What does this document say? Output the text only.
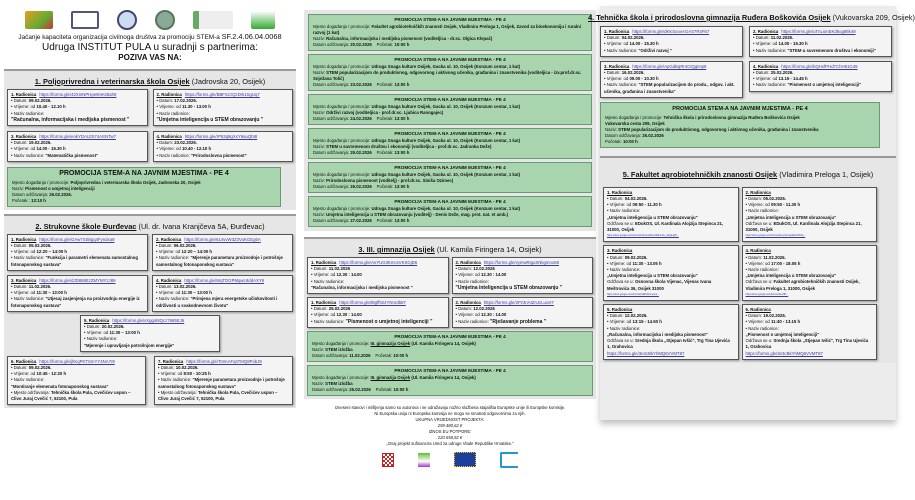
Jačanje kapaciteta organizacija civilnoga društva za promociju STEM-a SF.2.4.06.04.0068
Udruga INSTITUT PULA u suradnji s partnerima:
POZIVA VAS NA:
1. Poljoprivredna i veterinarska škola Osijek (Jadrovska 20, Osijek)
1. Radionica https://forms.gle/42XmNPHpe9mKrBah9
• Datum: 09.02.2026.
• Vrijeme: od 10.40 - 12.10 h
• Naziv radionice:
"Računalna, informacijska i medijska pismenost "
2. Radionica https://forms.gle/BBFSzzQzDrk1SgUq7
• Datum: 17.02.2026.
• Vrijeme: od 11.30 - 13.00 h
• Naziv radionice:
"Umjetna inteligencija u STEM obrazovanju "
3. Radionica https://forms.gle/eokYDAUz574ASNTw7
• Datum: 19.02.2026.
• Vrijeme: od 14.00 - 15.30 h
• Naziv radionice: "Matematička pismenost"
4. Radionica https://forms.gle/rP53q9gXxY9auQbt8
• Datum: 23.02.2026.
• Vrijeme: od 10.40 - 12.10 h
• Naziv radionice: "Prirodoslovna pismenost"
PROMOCIJA STEM-A NA JAVNIM MJESTIMA - PE 4
Mjesto događanja / promocije: Poljoprivredna i veterinarska škola Osijek, Jadrovska 20, Osijek
Naziv: Pismenost o umjetnoj inteligenciji
Datum održavanja: 26.02.2026.
Početak : 13:10 h
2. Strukovne škole Đurđevac (Ul. dr. Ivana Kranjčeva 5A, Đurđevac)
1. Radionica https://forms.gle/GAw7SS8gq4Fyndxa9
• Datum: 05.02.2026.
• Vrijeme: od 12:20 – 14:00 h
• Naziv radionice: "Funkcija i parametri elemenata samostalnog fotonaponskog sustava"
2. Radionica https://forms.gle/614vvW3Z3VoKGEg6A
• Datum: 06.02.2026.
• Vrijeme: od 12:20 – 14:00 h
• Naziv radionice: "Mjerenje parametara proizvodnje i potrošnje samostalnog fotonaponskog sustava"
3. Radionica https://forms.gle/dJD868EzZMYMYzJ89
• Datum: 11.02.2026.
• Vrijeme: od 11:30 – 13:00 h
• Naziv radionice: "Utjecaj zasjenjenja na proizvodnju energije iz fotonaponskog sustava"
4. Radionica https://forms.gle/WqTDGPMqwL9ddAXY9
• Datum: 13.02.2026.
• Vrijeme: od 11:30 – 13:00 h
• Naziv radionice: "Primjena mjera energetske učinkovitosti i održivosti u svakodnevnom životu"
5. Radionica https://forms.gle/xXgg4i8Qcz7665EJ6
• Datum: 20.02.2026.
• Vrijeme: od 11:30 – 13:00 h
• Naziv radionice:
"Mjerenje i upravljanje potrošnjom energije"
6. Radionica https://forms.gle/jhKqPKTSmYY4NA7r8
• Datum: 09.02.2026.
• Vrijeme: od 10:45 - 12:20 h
• Naziv radionice:
"Montiranje elemenata fotonaponskog sustava"
• Mjesto održavanja: Tehnička škola Pula, Cvečićev uspon – Clivo Juraj Cvečić 7, 52100, Pula
7. Radionica https://forms.gle/Tc8AAFqsTMQ8PobJ9
• Datum: 10.02.2026.
• Vrijeme: od 8:50 - 10:25 h
• Naziv radionice: "Mjerenje parametara proizvodnje i potrošnje samostalnog fotonaponskog sustava"
• Mjesto održavanja: Tehnička škola Pula, Cvečićev uspon – Clivo Juraj Cvečić 7, 52100, Pula
PROMOCIJA STEM-A NA JAVNIM MJESTIMA - PE 4
Mjesto događanja / promocije: Fakultet agrobiotehničkih znanosti Osijek, Vladimira Preloga 1, Osijek, Zavod za bioekonomiju i ruralni razvoj (1 kat)
Naziv: Računalna, informacijska i medijska pismenost (voditeljica - dr.sc. Olgica Klepač)
Datum održavanja: 20.02.2026 Početak: 10:00 h
PROMOCIJA STEM-A NA JAVNIM MJESTIMA - PE 4
Mjesto događanja / promocije: Udruga Snaga kulture Osijek, Gacka ul. 10, Osijek (Konzum centar, 1 kat)
Naziv: STEM popularizacijom do produktivnog, odgovornog i aktivnog učenika, građanina i znanstvenika (voditeljica - izv.prof.dr.sc. Snježana Tolić)
Datum održavanja: 23.02.2026 Početak: 13:00 h
PROMOCIJA STEM-A NA JAVNIM MJESTIMA - PE 4
Mjesto događanja / promocije: Udruga Snaga kulture Osijek, Gacka ul. 10, Osijek (Konzum centar, 1 kat)
Naziv: Održivi razvoj (voditeljica - prof.dr.sc. Ljubica Ranogajec)
Datum održavanja: 24.02.2026 Početak: 13:00 h
PROMOCIJA STEM-A NA JAVNIM MJESTIMA - PE 4
Mjesto događanja / promocije: Udruga Snaga kulture Osijek, Gacka ul. 10, Osijek (Konzum centar, 1 kat)
Naziv: STEM u suvremenom društvu i ekonomiji (voditeljica - prof.dr.sc. Jadranka Deže)
Datum održavanja: 25.02.2026 Početak: 13:00 h
PROMOCIJA STEM-A NA JAVNIM MJESTIMA - PE 4
Mjesto događanja / promocije: Udruga Snaga kulture Osijek, Gacka ul. 10, Osijek (Konzum centar, 1 kat)
Naziv: Prirodoslovna pismenost (voditelj) - prof.dr.sc. Siniša Ozimec)
Datum održavanja: 26.02.2026 Početak: 13:00 h
PROMOCIJA STEM-A NA JAVNIM MJESTIMA - PE 4
Mjesto događanja / promocije: Udruga Snaga kulture Osijek, Gacka ul. 10, Osijek (Konzum centar, 1 kat)
Naziv: Umjetna inteligencija u STEM obrazovanju (voditelj) - Denis Deže, mag. prot. nat. et amb.)
Datum održavanja: 27.02.2026 Početak: 13:00 h
3. III. gimnazija Osijek (Ul. Kamila Firingera 14, Osijek)
1. Radionica https://forms.gle/AeYUG3KmcsVKSGjD6
• Datum: 11.02.2026
• Vrijeme: od 12.30 : 14.00
• Naziv radionice:
"Računalna, informacijska i medijska pismenost "
2. Radionica https://forms.gle/xymwRiguSNkgmno59
• Datum: 12.02.2026
• Vrijeme: od 12.30 : 14.00
• Naziv radionice:
"Umjetna inteligencija u STEM obrazovanju "
1. Radionica https://forms.gle/t8gff924YNnrd587
• Datum: 25.02.2026
• Vrijeme: od 12.30 : 14.00
• Naziv radionice: "Pismenost o umjetnoj inteligenciji "
2. Radionica https://forms.gle/2Pz3nAtZnJcLuxvt7
• Datum: 12.02.2026
• Vrijeme: od 12.30 : 14.00
• Naziv radionice: "Rješavanje problema "
PROMOCIJA STEM-A NA JAVNIM MJESTIMA - PE 4
Mjesto događanja / promocije: III. gimnazija Osijek (Ul. Kamila Firingera 14, Osijek)
Naziv: STEM izložba
Datum održavanja: 11.02.2026 Početak: 10:00 h
PROMOCIJA STEM-A NA JAVNIM MJESTIMA - PE 4
Mjesto događanja / promocije: III. gimnazija Osijek (Ul. Kamila Firingera 14, Osijek)
Naziv: STEM izložba
Datum održavanja: 25.02.2026 Početak: 10:00 h
Izneseni stavovi i mišljenja samo su autorova i ne odražavaju nužno službena stajališta Europske unije ili Europske komisije.
Ni Europska unija ni Europska komisija ne mogu se smatrati odgovornima za njih.
UKUPNA VRIJEDNOST PROJEKTA:
259.480,62 €
IZNOS EU POTPORE:
220.558,52 €
„Ovaj projekt sufinancira Ured za udruge Vlade Republike Hrvatske."
4. Tehnička škola i prirodoslovna gimnazija Ruđera Boškovića Osijek (Vukovarska 209, Osijek)
1. Radionica https://forms.gle/dKKSoovAGAS7R4F67
• Datum: 04.02.2026.
• Vrijeme: od 14.00 - 15.30 h
• Naziv radionice: "Održivi razvoj "
3. Radionica https://forms.gle/ApGdBqRr4CtQgtHp8
• Datum: 16.02.2026.
• Vrijeme: od 09.00 - 10.30 h
• Naziv radionice: "STEM popularizacijom do produ., odgov. i akt. učenika, građanina i znanstvenika"
2. Radionica https://forms.gle/uTnLsmEKd5og85k49
• Datum: 11.02.2026.
• Vrijeme: od 14.00 - 15.30 h
• Naziv radionice: "STEM u suvremenom društvu i ekonomiji"
4. Radionica https://forms.gle/bQHvfPHd7ChH81G49
• Datum: 25.02.2026.
• Vrijeme: od 13.15 - 14.45 h
• Naziv radionice: "Pismenost o umjetnoj inteligenciji"
PROMOCIJA STEM-A NA JAVNIM MJESTIMA - PE 4
Mjesto događanja / promocije: Tehnička škola i prirodoslovna gimnazija Ruđera Boškovića Osijek
Vukovarska cesta 209, Osijek
Naziv: STEM popularizacijom do produktivnog, odgovornog i aktivnog učenika, građanina i znanstvenika
Datum održavanja: 26.02.2026
Početak: 10:00 h
5. Fakultet agrobiotehničkih znanosti Osijek (Vladimira Preloga 1, Osijek)
1. Radionica
• Datum: 04.02.2026.
• Vrijeme: od 09:50 - 11.30 h
• Naziv radionice:
„Umjetna inteligencija u STEM obrazovanju"
Održava se u: EDukOS, Ul. Kardinala Alojzija Stepinca 21, 31000, Osijek
https://docs.google.com/forms/d/1AmtuwRmLbMbmSn_wkQaJgKl...
2. Radionica
• Datum: 05.02.2026.
• Vrijeme: od 09:50 - 11.30 h
• Naziv radionice:
„Umjetna inteligencija u STEM obrazovanju"
Održava se u: EDukOS, Ul. Kardinala Alojzija Stepinca 21, 31000, Osijek
https://docs.google.com/forms/d/1oeLtKxwj4baUtr5GQ...
3. Radionica
• Datum: 09.02.2026.
• Vrijeme: od 11:30 - 13.05 h
• Naziv radionice:
„Umjetna inteligencija u STEM obrazovanju"
Održava se u: Osnovna škola Vijenac, Vijenac Ivana Meštrovića 36, Osijek 31000
https://docs.google.com/forms/d/1EHeNcneami...
4. Radionica
• Datum: 11.02.2026.
• Vrijeme: od 17:00 - 18.05 h
• Naziv radionice:
„Umjetna inteligencija u STEM obrazovanju"
Održava se u: Fakultet agrobiotehničkih znanosti Osijek, Vladimira Preloga 1, 31000, Osijek
https://docs.google.com/forms/d/1aHH...
5. Radionica
• Datum: 12.02.2026.
• Vrijeme: od 13:15 - 14.50 h
• Naziv radionice:
„Računalna, informacijska i medijska pismenost"
Održava se u: Srednja škola „Stjepan Ivšić", Trg Tina Ujevića 1, Orahovica
https://forms.gle/3e3cBkYhMQ6VVMT87
6. Radionica
• Datum: 19.02.2026.
• Vrijeme: od 11:40 - 13.15 h
• Naziv radionice:
„Pismenost o umjetnoj inteligenciji"
Održava se u: Srednja škola „Stjepan Ivšić", Trg Tina Ujevića 1, Orahovica
https://forms.gle/3e3cBkYhMQ6VVMT87
